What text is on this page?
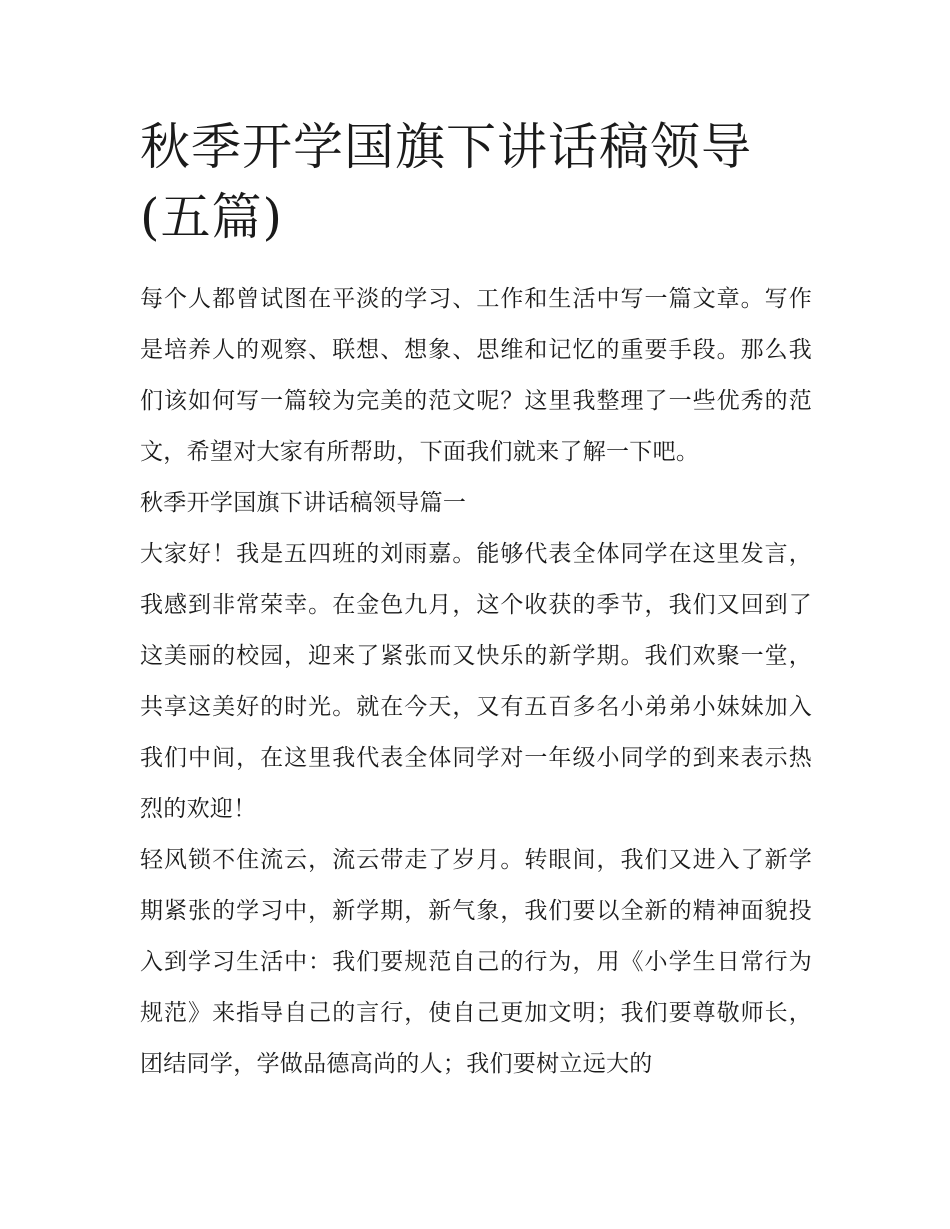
秋季开学国旗下讲话稿领导(五篇)

每个人都曾试图在平淡的学习、工作和生活中写一篇文章。写作是培养人的观察、联想、想象、思维和记忆的重要手段。那么我们该如何写一篇较为完美的范文呢？这里我整理了一些优秀的范文，希望对大家有所帮助，下面我们就来了解一下吧。

秋季开学国旗下讲话稿领导篇一

大家好！我是五四班的刘雨嘉。能够代表全体同学在这里发言，我感到非常荣幸。在金色九月，这个收获的季节，我们又回到了这美丽的校园，迎来了紧张而又快乐的新学期。我们欢聚一堂，共享这美好的时光。就在今天，又有五百多名小弟弟小妹妹加入我们中间，在这里我代表全体同学对一年级小同学的到来表示热烈的欢迎！

轻风锁不住流云，流云带走了岁月。转眼间，我们又进入了新学期紧张的学习中，新学期，新气象，我们要以全新的精神面貌投入到学习生活中：我们要规范自己的行为，用《小学生日常行为规范》来指导自己的言行，使自己更加文明；我们要尊敬师长，团结同学，学做品德高尚的人；我们要树立远大的
